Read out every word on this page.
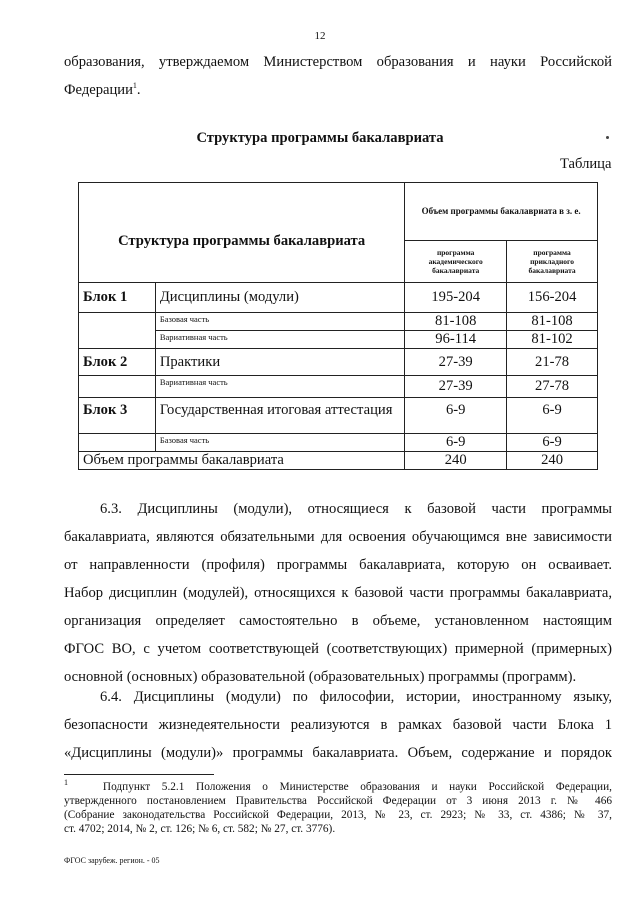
12
образования, утверждаемом Министерством образования и науки Российской
Федерации$^1$.
Структура программы бакалавриата
Таблица
Структура программы бакалавриата		Объем программы бакалавриата в з. е.	
		программа академического бакалавриата	программа прикладного бакалавриата
Блок 1	Дисциплины (модули)	195-204	156-204
	Базовая часть	81-108	81-108
	Вариативная часть	96-114	81-102
Блок 2	Практики	27-39	21-78
	Вариативная часть	27-39	27-78
Блок 3	Государственная итоговая аттестация	6-9	6-9
	Базовая часть	6-9	6-9
Объем программы бакалавриата		240	240
6.3. Дисциплины (модули), относящиеся к базовой части программы
бакалавриата, являются обязательными для освоения обучающимся вне зависимости
от направленности (профиля) программы бакалавриата, которую он осваивает.
Набор дисциплин (модулей), относящихся к базовой части программы бакалавриата,
организация определяет самостоятельно в объеме, установленном настоящим
ФГОС ВО, с учетом соответствующей (соответствующих) примерной (примерных)
основной (основных) образовательной (образовательных) программы (программ).
6.4. Дисциплины (модули) по философии, истории, иностранному языку,
безопасности жизнедеятельности реализуются в рамках базовой части Блока 1
«Дисциплины (модули)» программы бакалавриата. Объем, содержание и порядок
$^1$	Подпункт 5.2.1 Положения о Министерстве образования и науки Российской Федерации,
утвержденного постановлением Правительства Российской Федерации от 3 июня 2013 г. № 466
(Собрание законодательства Российской Федерации, 2013, № 23, ст. 2923; № 33, ст. 4386; № 37,
ст. 4702; 2014, № 2, ст. 126; № 6, ст. 582; № 27, ст. 3776).
ФГОС зарубеж. регион. - 05
